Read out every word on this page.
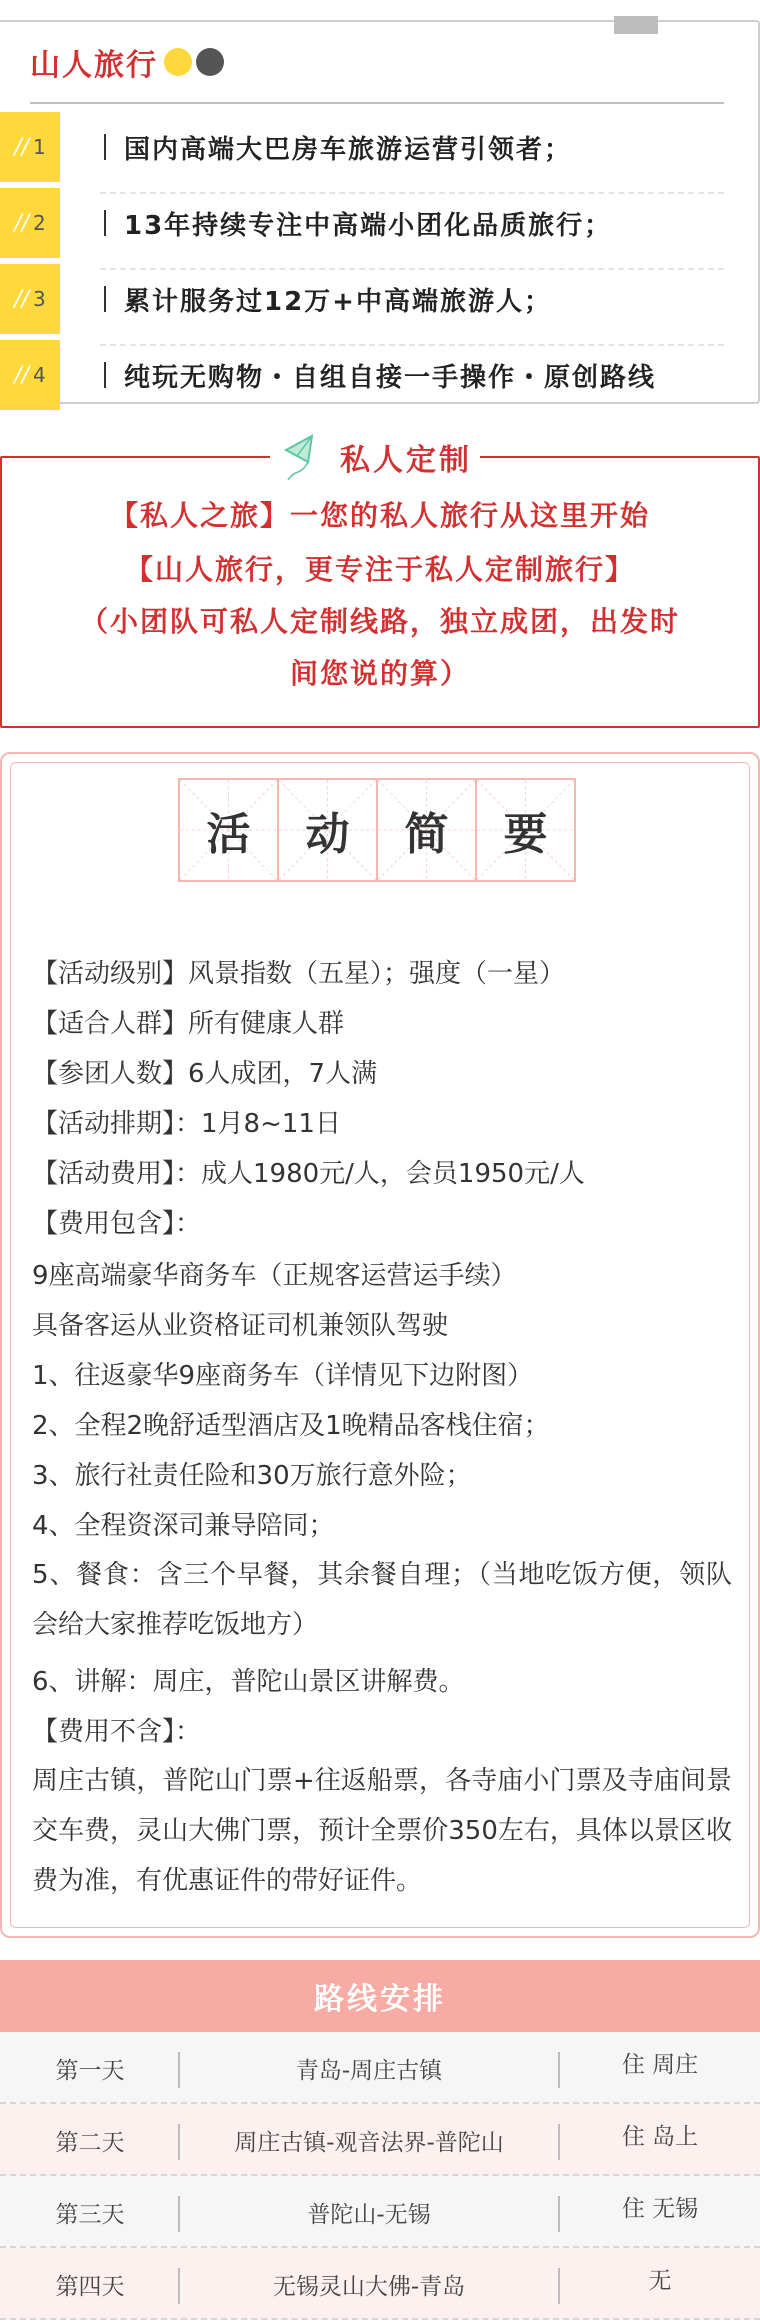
山人旅行
// 1	国内高端大巴房车旅游运营引领者；
// 2	13年持续专注中高端小团化品质旅行；
// 3	累计服务过12万+中高端旅游人；
// 4	纯玩无购物・自组自接一手操作・原创路线
私人定制
【私人之旅】一您的私人旅行从这里开始
【山人旅行，更专注于私人定制旅行】
（小团队可私人定制线路，独立成团，出发时
间您说的算）
活 动 简 要
【活动级别】风景指数（五星）；强度（一星）
【适合人群】所有健康人群
【参团人数】6人成团，7人满
【活动排期】：1月8~11日
【活动费用】：成人1980元/人，会员1950元/人
【费用包含】：
9座高端豪华商务车（正规客运营运手续）
具备客运从业资格证司机兼领队驾驶
1、往返豪华9座商务车（详情见下边附图）
2、全程2晚舒适型酒店及1晚精品客栈住宿；
3、旅行社责任险和30万旅行意外险；
4、全程资深司兼导陪同；
5、餐食：含三个早餐，其余餐自理；（当地吃饭方便，领队会给大家推荐吃饭地方）
6、讲解：周庄，普陀山景区讲解费。
【费用不含】：
周庄古镇，普陀山门票+往返船票，各寺庙小门票及寺庙间景交车费，灵山大佛门票，预计全票价350左右，具体以景区收费为准，有优惠证件的带好证件。
路线安排
第一天	青岛-周庄古镇	住 周庄
第二天	周庄古镇-观音法界-普陀山	住 岛上
第三天	普陀山-无锡	住 无锡
第四天	无锡灵山大佛-青岛	无
